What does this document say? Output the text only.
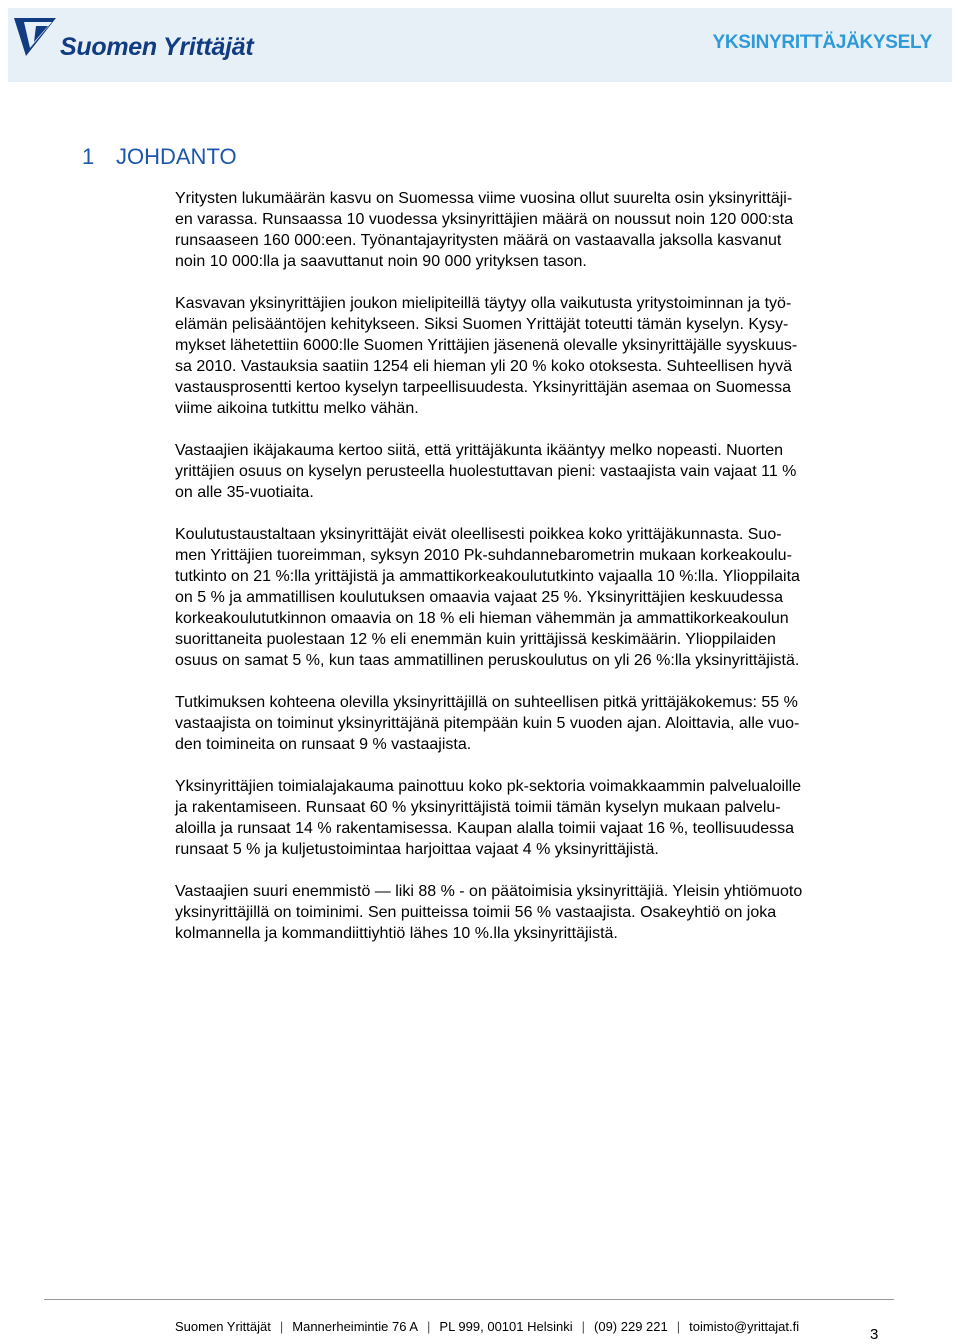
Suomen Yrittäjät	YKSINYRITTÄJÄKYSELY
1 JOHDANTO

Yritysten lukumäärän kasvu on Suomessa viime vuosina ollut suurelta osin yksinyrittäji-
en varassa. Runsaassa 10 vuodessa yksinyrittäjien määrä on noussut noin 120 000:sta
runsaaseen 160 000:een. Työnantajayritysten määrä on vastaavalla jaksolla kasvanut
noin 10 000:lla ja saavuttanut noin 90 000 yrityksen tason.

Kasvavan yksinyrittäjien joukon mielipiteillä täytyy olla vaikutusta yritystoiminnan ja työ-
elämän pelisääntöjen kehitykseen. Siksi Suomen Yrittäjät toteutti tämän kyselyn. Kysy-
mykset lähetettiin 6000:lle Suomen Yrittäjien jäsenenä olevalle yksinyrittäjälle syyskuus-
sa 2010. Vastauksia saatiin 1254 eli hieman yli 20 % koko otoksesta. Suhteellisen hyvä
vastausprosentti kertoo kyselyn tarpeellisuudesta. Yksinyrittäjän asemaa on Suomessa
viime aikoina tutkittu melko vähän.

Vastaajien ikäjakauma kertoo siitä, että yrittäjäkunta ikääntyy melko nopeasti. Nuorten
yrittäjien osuus on kyselyn perusteella huolestuttavan pieni: vastaajista vain vajaat 11 %
on alle 35-vuotiaita.

Koulutustaustaltaan yksinyrittäjät eivät oleellisesti poikkea koko yrittäjäkunnasta. Suo-
men Yrittäjien tuoreimman, syksyn 2010 Pk-suhdannebarometrin mukaan korkeakoulu-
tutkinto on 21 %:lla yrittäjistä ja ammattikorkeakoulututkinto vajaalla 10 %:lla. Ylioppilaita
on 5 % ja ammatillisen koulutuksen omaavia vajaat 25 %. Yksinyrittäjien keskuudessa
korkeakoulututkinnon omaavia on 18 % eli hieman vähemmän ja ammattikorkeakoulun
suorittaneita puolestaan 12 % eli enemmän kuin yrittäjissä keskimäärin. Ylioppilaiden
osuus on samat 5 %, kun taas ammatillinen peruskoulutus on yli 26 %:lla yksinyrittäjistä.

Tutkimuksen kohteena olevilla yksinyrittäjillä on suhteellisen pitkä yrittäjäkokemus: 55 %
vastaajista on toiminut yksinyrittäjänä pitempään kuin 5 vuoden ajan. Aloittavia, alle vuo-
den toimineita on runsaat 9 % vastaajista.

Yksinyrittäjien toimialajakauma painottuu koko pk-sektoria voimakkaammin palvelualoille
ja rakentamiseen. Runsaat 60 % yksinyrittäjistä toimii tämän kyselyn mukaan palvelu-
aloilla ja runsaat 14 % rakentamisessa. Kaupan alalla toimii vajaat 16 %, teollisuudessa
runsaat 5 % ja kuljetustoimintaa harjoittaa vajaat 4 % yksinyrittäjistä.

Vastaajien suuri enemmistö — liki 88 % - on päätoimisia yksinyrittäjiä. Yleisin yhtiömuoto
yksinyrittäjillä on toiminimi. Sen puitteissa toimii 56 % vastaajista. Osakeyhtiö on joka
kolmannella ja kommandiittiyhtiö lähes 10 %.lla yksinyrittäjistä.

Suomen Yrittäjät | Mannerheimintie 76 A | PL 999, 00101 Helsinki | (09) 229 221 | toimisto@yrittajat.fi	3
